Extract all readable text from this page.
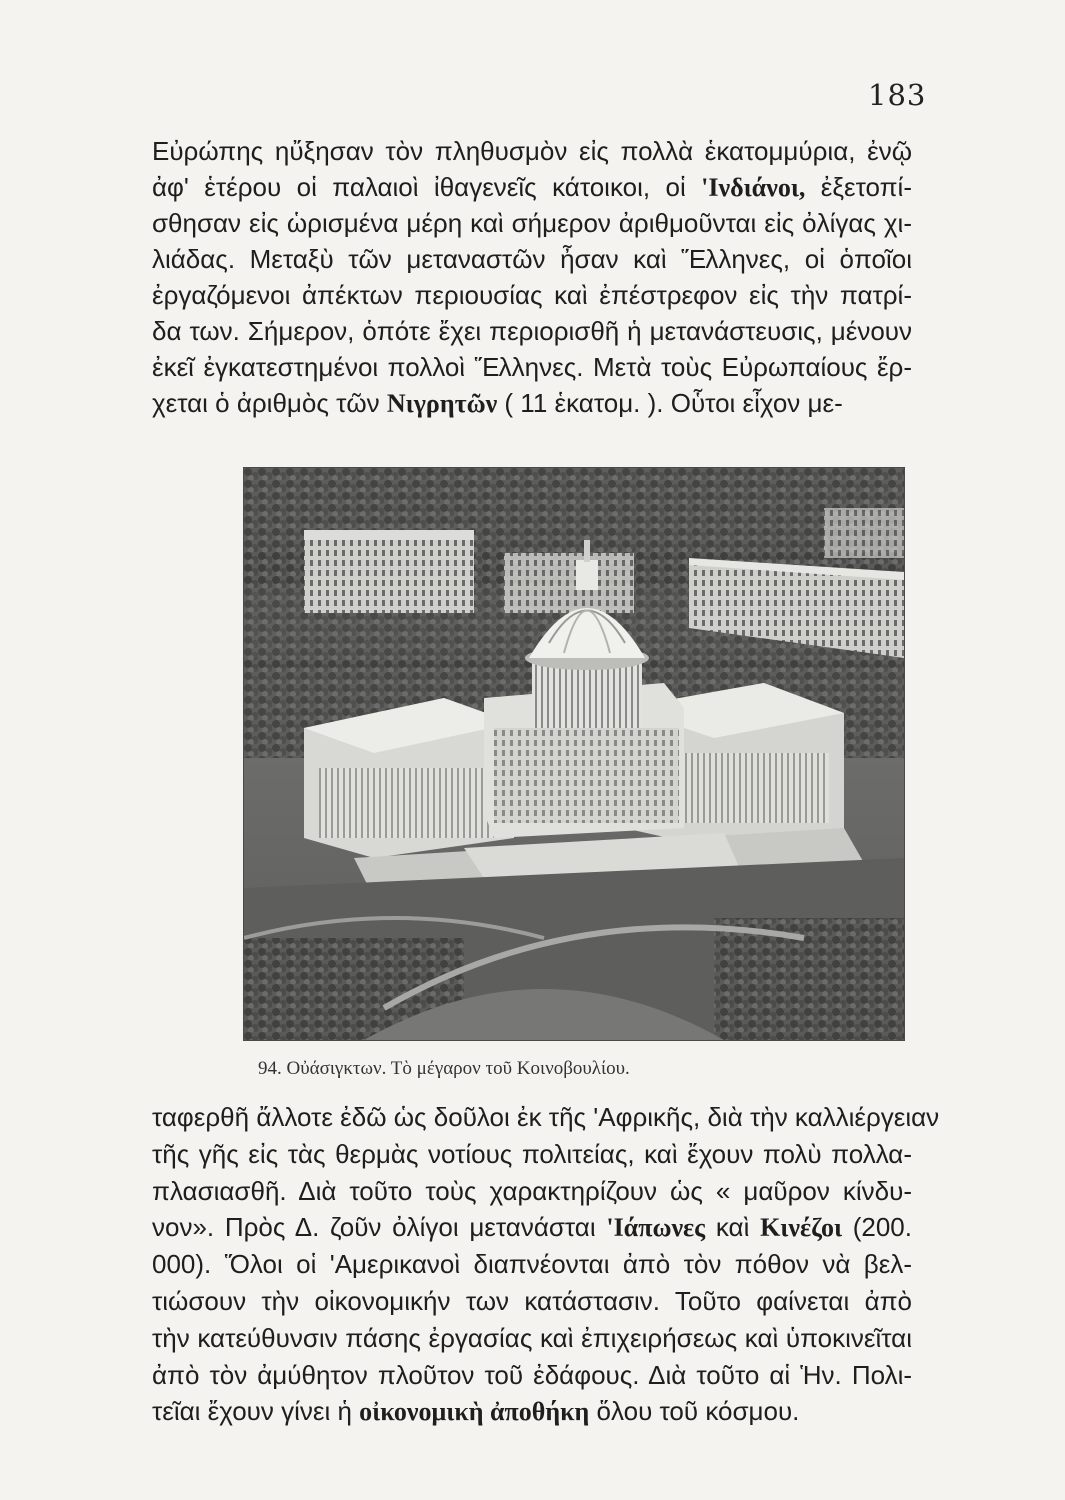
183
Εὐρώπης ηὔξησαν τὸν πληθυσμὸν εἰς πολλὰ ἑκατομμύρια, ἐνῷ
ἀφ' ἑτέρου οἱ παλαιοὶ ἰθαγενεῖς κάτοικοι, οἱ 'Ινδιάνοι, ἐξετοπί-
σθησαν εἰς ὡρισμένα μέρη καὶ σήμερον ἀριθμοῦνται εἰς ὀλίγας χι-
λιάδας. Μεταξὺ τῶν μεταναστῶν ἦσαν καὶ Ἕλληνες, οἱ ὁποῖοι
ἐργαζόμενοι ἀπέκτων περιουσίας καὶ ἐπέστρεφον εἰς τὴν πατρί-
δα των. Σήμερον, ὁπότε ἔχει περιορισθῆ ἡ μετανάστευσις, μένουν
ἐκεῖ ἐγκατεστημένοι πολλοὶ Ἕλληνες. Μετὰ τοὺς Εὐρωπαίους ἔρ-
χεται ὁ ἀριθμὸς τῶν Νιγρητῶν ( 11 ἑκατομ. ). Οὗτοι εἶχον με-
94. Οὐάσιγκτων. Τὸ μέγαρον τοῦ Κοινοβουλίου.
ταφερθῆ ἄλλοτε ἐδῶ ὡς δοῦλοι ἐκ τῆς 'Αφρικῆς, διὰ τὴν καλλιέργειαν
τῆς γῆς εἰς τὰς θερμὰς νοτίους πολιτείας, καὶ ἔχουν πολὺ πολλα-
πλασιασθῆ. Διὰ τοῦτο τοὺς χαρακτηρίζουν ὡς « μαῦρον κίνδυ-
νον». Πρὸς Δ. ζοῦν ὀλίγοι μετανάσται 'Ιάπωνες καὶ Κινέζοι (200.
000). Ὅλοι οἱ 'Αμερικανοὶ διαπνέονται ἀπὸ τὸν πόθον νὰ βελ-
τιώσουν τὴν οἰκονομικήν των κατάστασιν. Τοῦτο φαίνεται ἀπὸ
τὴν κατεύθυνσιν πάσης ἐργασίας καὶ ἐπιχειρήσεως καὶ ὑποκινεῖται
ἀπὸ τὸν ἀμύθητον πλοῦτον τοῦ ἐδάφους. Διὰ τοῦτο αἱ Ἡν. Πολι-
τεῖαι ἔχουν γίνει ἡ οἰκονομικὴ ἀποθήκη ὅλου τοῦ κόσμου.
